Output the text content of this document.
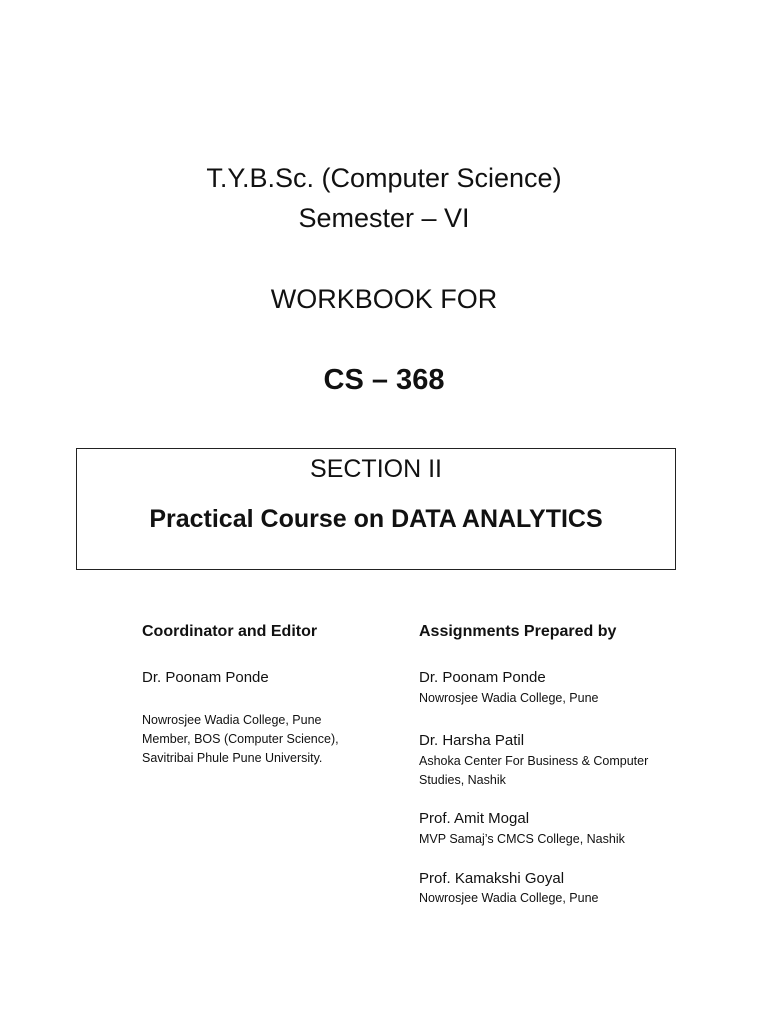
T.Y.B.Sc. (Computer Science)
Semester – VI
WORKBOOK FOR
CS – 368
SECTION II
Practical Course on DATA ANALYTICS
Coordinator and Editor
Dr. Poonam Ponde
Nowrosjee Wadia College, Pune
Member, BOS (Computer Science),
Savitribai Phule Pune University.
Assignments Prepared by
Dr. Poonam Ponde
Nowrosjee Wadia College, Pune
Dr. Harsha Patil
Ashoka Center For Business & Computer
Studies, Nashik
Prof. Amit Mogal
MVP Samaj’s CMCS College, Nashik
Prof. Kamakshi Goyal
Nowrosjee Wadia College, Pune
